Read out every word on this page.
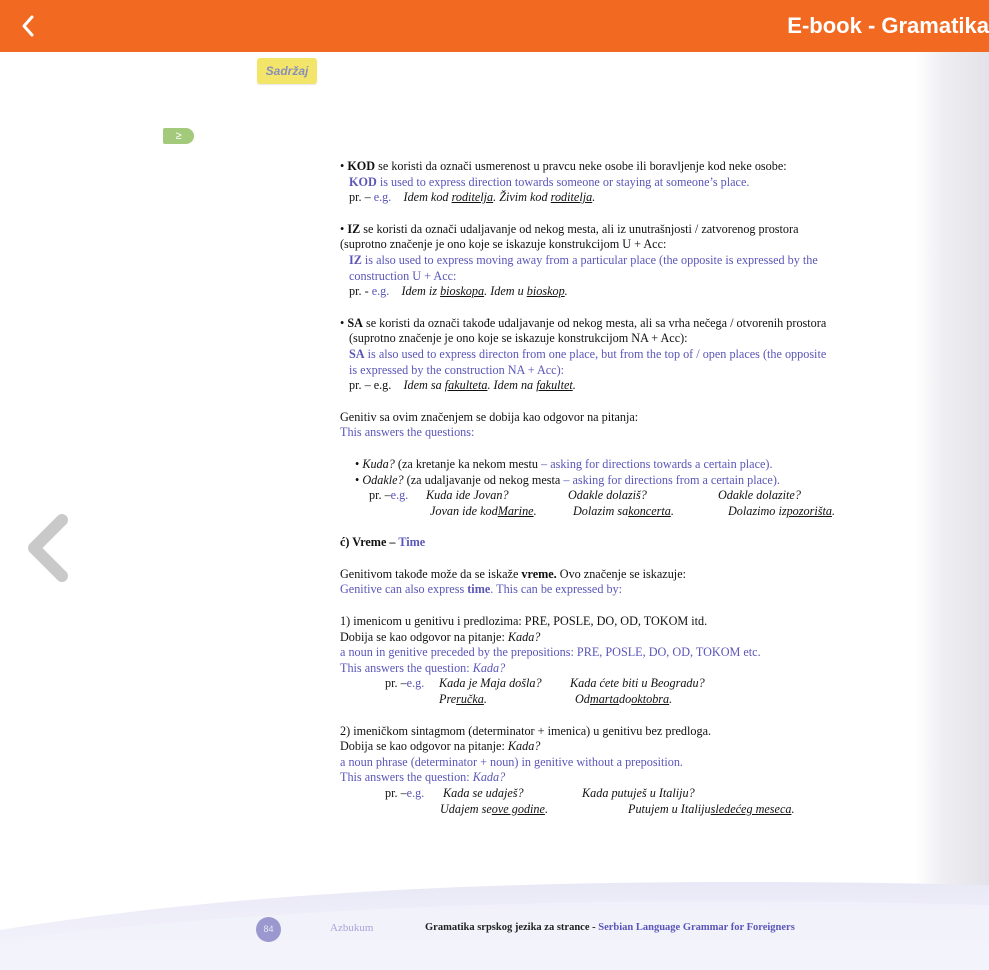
E-book - Gramatika
Sadržaj
≥

• KOD se koristi da označi usmerenost u pravcu neke osobe ili boravljenje kod neke osobe:

KOD is used to express direction towards someone or staying at someone’s place.

pr. – e.g. Idem kod roditelja. Živim kod roditelja.

• IZ se koristi da označi udaljavanje od nekog mesta, ali iz unutrašnjosti / zatvorenog prostora

(suprotno značenje je ono koje se iskazuje konstrukcijom U + Acc:

IZ is also used to express moving away from a particular place (the opposite is expressed by the

construction U + Acc:

pr. - e.g. Idem iz bioskopa. Idem u bioskop.

• SA se koristi da označi takođe udaljavanje od nekog mesta, ali sa vrha nečega / otvorenih prostora

(suprotno značenje je ono koje se iskazuje konstrukcijom NA + Acc):

SA is also used to express directon from one place, but from the top of / open places (the opposite

is expressed by the construction NA + Acc):

pr. – e.g. Idem sa fakulteta. Idem na fakultet.

Genitiv sa ovim značenjem se dobija kao odgovor na pitanja:

This answers the questions:

• Kuda? (za kretanje ka nekom mestu – asking for directions towards a certain place).

• Odakle? (za udaljavanje od nekog mesta – asking for directions from a certain place).

pr. –e.g.	Kuda ide Jovan?	Odakle dolaziš?	Odakle dolazite?
Jovan ide kodMarine.	Dolazim sakoncerta.	Dolazimo izpozorišta.

ć) Vreme – Time

Genitivom takođe može da se iskaže vreme. Ovo značenje se iskazuje:

Genitive can also express time. This can be expressed by:

1) imenicom u genitivu i predlozima: PRE, POSLE, DO, OD, TOKOM itd.

Dobija se kao odgovor na pitanje: Kada?

a noun in genitive preceded by the prepositions: PRE, POSLE, DO, OD, TOKOM etc.

This answers the question: Kada?

pr. –e.g.	Kada je Maja došla?	Kada ćete biti u Beogradu?
Preručka.	Odmartadooktobra.

2) imeničkom sintagmom (determinator + imenica) u genitivu bez predloga.

Dobija se kao odgovor na pitanje: Kada?

a noun phrase (determinator + noun) in genitive without a preposition.

This answers the question: Kada?

pr. –e.g.	Kada se udaješ?	Kada putuješ u Italiju?
Udajem seove godine.	Putujem u Italijusledećeg meseca.
84	Azbukum	Gramatika srpskog jezika za strance - Serbian Language Grammar for Foreigners
